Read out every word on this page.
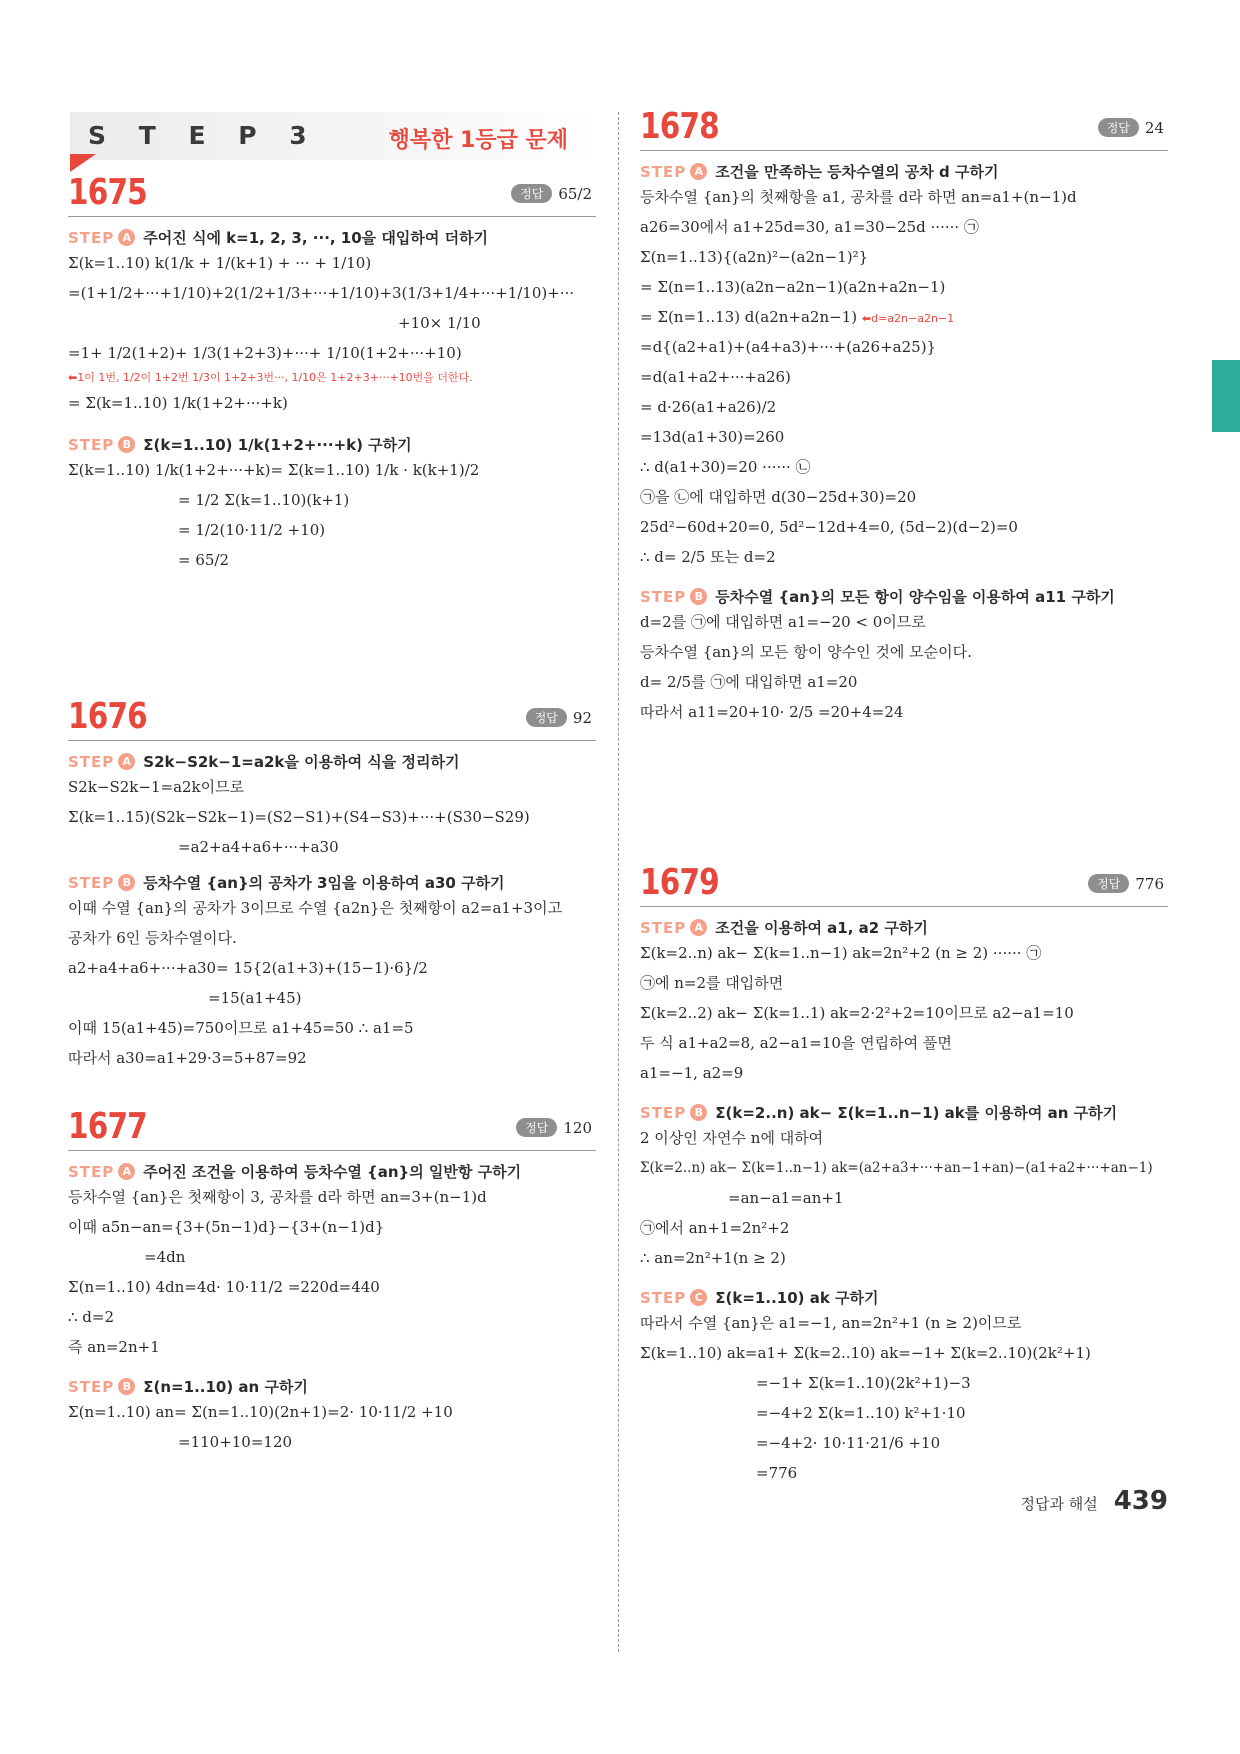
S T E P 3	행복한 1등급 문제
1675	정답	65/2
STEP A 주어진 식에 k=1, 2, 3, ···, 10을 대입하여 더하기
Σ(k=1..10) k(1/k + 1/(k+1) + ··· + 1/10)
=(1+1/2+···+1/10)+2(1/2+1/3+···+1/10)+3(1/3+1/4+···+1/10)+···
+10× 1/10
=1+ 1/2(1+2)+ 1/3(1+2+3)+···+ 1/10(1+2+···+10)
⬅1이 1번, 1/2이 1+2번 1/3이 1+2+3번···, 1/10은 1+2+3+···+10번을 더한다.
= Σ(k=1..10) 1/k(1+2+···+k)
STEP B Σ(k=1..10) 1/k(1+2+···+k) 구하기
Σ(k=1..10) 1/k(1+2+···+k)= Σ(k=1..10) 1/k · k(k+1)/2
= 1/2 Σ(k=1..10)(k+1)
= 1/2(10·11/2 +10)
= 65/2
1676	정답	92
STEP A S2k−S2k−1=a2k을 이용하여 식을 정리하기
S2k−S2k−1=a2k이므로
Σ(k=1..15)(S2k−S2k−1)=(S2−S1)+(S4−S3)+···+(S30−S29)
=a2+a4+a6+···+a30
STEP B 등차수열 {an}의 공차가 3임을 이용하여 a30 구하기
이때 수열 {an}의 공차가 3이므로 수열 {a2n}은 첫째항이 a2=a1+3이고
공차가 6인 등차수열이다.
a2+a4+a6+···+a30= 15{2(a1+3)+(15−1)·6}/2
=15(a1+45)
이때 15(a1+45)=750이므로 a1+45=50 ∴ a1=5
따라서 a30=a1+29·3=5+87=92
1677	정답	120
STEP A 주어진 조건을 이용하여 등차수열 {an}의 일반항 구하기
등차수열 {an}은 첫째항이 3, 공차를 d라 하면 an=3+(n−1)d
이때 a5n−an={3+(5n−1)d}−{3+(n−1)d}
=4dn
Σ(n=1..10) 4dn=4d· 10·11/2 =220d=440
∴ d=2
즉 an=2n+1
STEP B Σ(n=1..10) an 구하기
Σ(n=1..10) an= Σ(n=1..10)(2n+1)=2· 10·11/2 +10
=110+10=120
1678	정답	24
STEP A 조건을 만족하는 등차수열의 공차 d 구하기
등차수열 {an}의 첫째항을 a1, 공차를 d라 하면 an=a1+(n−1)d
a26=30에서 a1+25d=30, a1=30−25d ······ ㉠
Σ(n=1..13){(a2n)²−(a2n−1)²}
= Σ(n=1..13)(a2n−a2n−1)(a2n+a2n−1)
= Σ(n=1..13) d(a2n+a2n−1) ⬅d=a2n−a2n−1
=d{(a2+a1)+(a4+a3)+···+(a26+a25)}
=d(a1+a2+···+a26)
= d·26(a1+a26)/2
=13d(a1+30)=260
∴ d(a1+30)=20 ······ ㉡
㉠을 ㉡에 대입하면 d(30−25d+30)=20
25d²−60d+20=0, 5d²−12d+4=0, (5d−2)(d−2)=0
∴ d= 2/5 또는 d=2
STEP B 등차수열 {an}의 모든 항이 양수임을 이용하여 a11 구하기
d=2를 ㉠에 대입하면 a1=−20 < 0이므로
등차수열 {an}의 모든 항이 양수인 것에 모순이다.
d= 2/5를 ㉠에 대입하면 a1=20
따라서 a11=20+10· 2/5 =20+4=24
1679	정답	776
STEP A 조건을 이용하여 a1, a2 구하기
Σ(k=2..n) ak− Σ(k=1..n−1) ak=2n²+2 (n ≥ 2) ······ ㉠
㉠에 n=2를 대입하면
Σ(k=2..2) ak− Σ(k=1..1) ak=2·2²+2=10이므로 a2−a1=10
두 식 a1+a2=8, a2−a1=10을 연립하여 풀면
a1=−1, a2=9
STEP B Σ(k=2..n) ak− Σ(k=1..n−1) ak를 이용하여 an 구하기
2 이상인 자연수 n에 대하여
Σ(k=2..n) ak− Σ(k=1..n−1) ak=(a2+a3+···+an−1+an)−(a1+a2+···+an−1)
=an−a1=an+1
㉠에서 an+1=2n²+2
∴ an=2n²+1(n ≥ 2)
STEP C Σ(k=1..10) ak 구하기
따라서 수열 {an}은 a1=−1, an=2n²+1 (n ≥ 2)이므로
Σ(k=1..10) ak=a1+ Σ(k=2..10) ak=−1+ Σ(k=2..10)(2k²+1)
=−1+ Σ(k=1..10)(2k²+1)−3
=−4+2 Σ(k=1..10) k²+1·10
=−4+2· 10·11·21/6 +10
=776
정답과 해설 439
